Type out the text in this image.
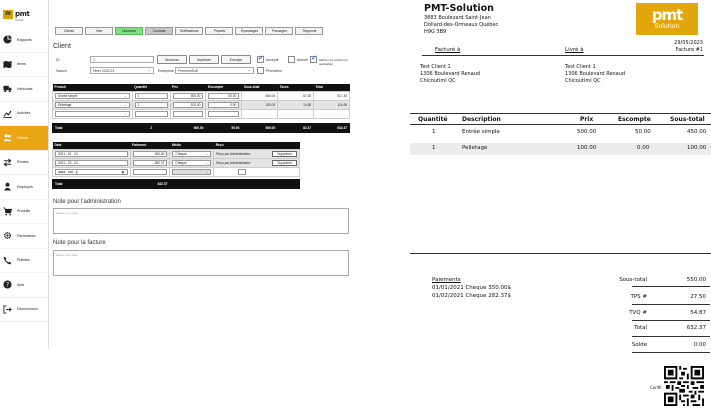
m pmt
Solution
Rapports
Items
Véhicules
Activités
Clients
Routes
Employés
Produits
Paramètres
Plaintes
? Aide
Déconnexion
Clients	Voie	Nouveau	Contrats	Notifications	Piquets	Épandages	Passages	Rapports
Client
ID	1
Saison	Hiver 2022-23 ⌄	Entreprise	PremiumSoft ⌄
Nouveau	Imprimer	Envoyer ✓	Accepté	Annulé ✓	Afficher les enfants (si applicable)
Promotion
Produit	Quantité	Prix	Escompte	Sous-total	Taxes	Total

Entrée simple ⌄	1	500.00	50.00	450.00	67.39	517.39

Pelletage ⌄	1	100.00	0.00	100.00	14.98	114.98

⌄						

Total	2	600.00	50.00	550.00	82.37	632.37
Date	Paiement	Média	Reçu

2021 - 01 - 01	350.00	Cheque ⌄	Reçu par Administrateur Supprimer

2021 - 02 - 01	282.37	Cheque ⌄	Reçu par Administrateur Supprimer

aaaa - mm - jj ▦		⌄	

Total	632.37		
Note pour l'administration
Entrez une note
Note pour la facture
Entrez une note
PMT-Solution
3883 Boulevard Saint-Jean
Dollard-des-Ormeaux Québec
H9G 3B9
pmt
Solution
29/05/2023
Facture #1
Facturé à	Livré à
Test Client 1
1306 Boulevard Renaud
Chicoutimi QC
Test Client 1
1306 Boulevard Renaud
Chicoutimi QC
Quantité Description	Prix	Escompte	Sous-total
1	Entrée simple	500.00	50.00	450.00
1	Pelletage	100.00	0.00	100.00
Paiements
01/01/2021 Cheque 350.00$
01/02/2021 Cheque 282.37$
Sous-total	550.00
TPS #	27.50
TVQ #	54.87
Total	632.37
Solde	0.00
Confir
